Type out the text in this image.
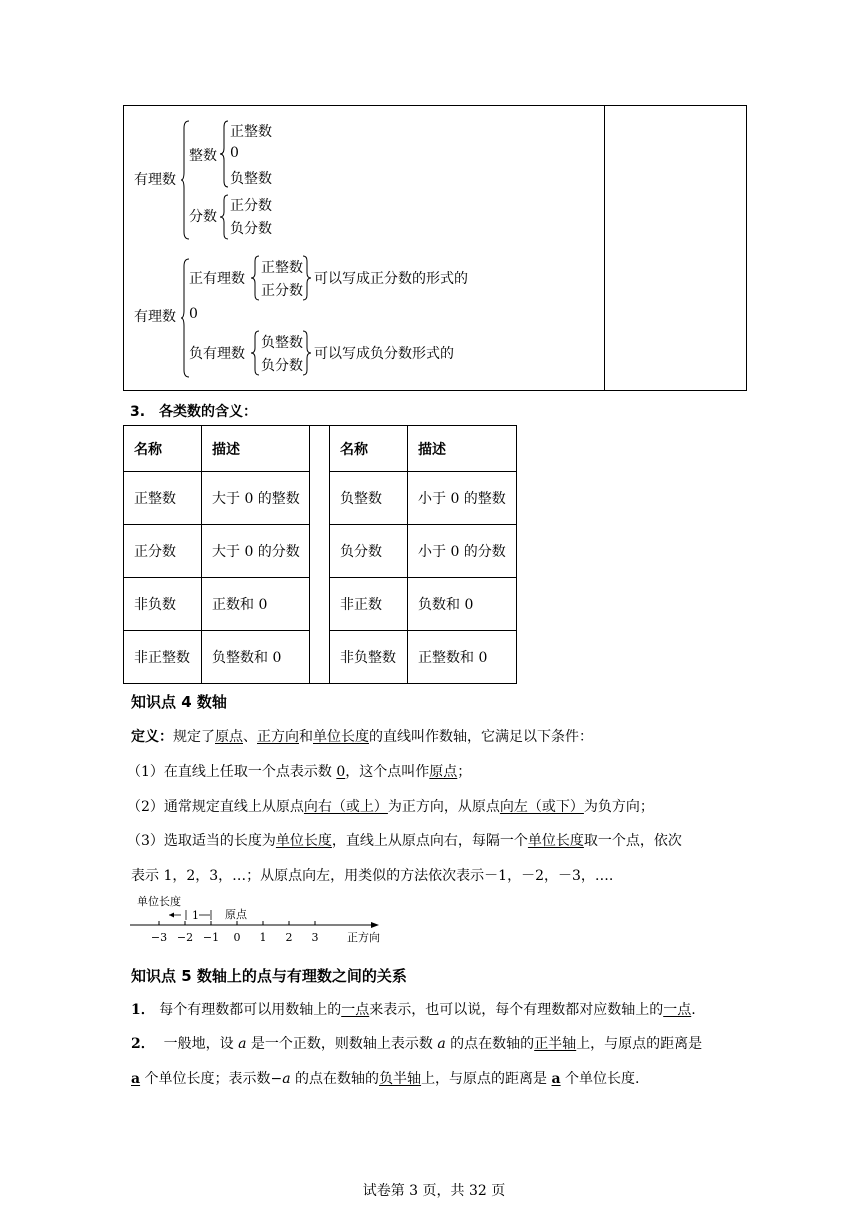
有理数
整数
正整数
0
负整数
分数
正分数
负分数
有理数
正有理数
正整数
正分数
可以写成正分数的形式的
0
负有理数
负整数
负分数
可以写成负分数形式的
3.　各类数的含义：
名称	描述		名称	描述
正整数	大于 0 的整数		负整数	小于 0 的整数
正分数	大于 0 的分数		负分数	小于 0 的分数
非负数	正数和 0		非正数	负数和 0
非正整数	负整数和 0		非负整数	正整数和 0
知识点 4 数轴
定义：规定了原点、正方向和单位长度的直线叫作数轴，它满足以下条件：
（1）在直线上任取一个点表示数 0，这个点叫作原点；
（2）通常规定直线上从原点向右（或上）为正方向，从原点向左（或下）为负方向；
（3）选取适当的长度为单位长度，直线上从原点向右，每隔一个单位长度取一个点，依次
表示 1，2，3，…；从原点向左，用类似的方法依次表示－1，－2，－3，….
单位长度
1 原点
−3 −2 −1 0 1 2 3	正方向
知识点 5 数轴上的点与有理数之间的关系
1． 每个有理数都可以用数轴上的一点来表示，也可以说，每个有理数都对应数轴上的一点.
2． 一般地，设 a 是一个正数，则数轴上表示数 a 的点在数轴的正半轴上，与原点的距离是
a 个单位长度；表示数−a 的点在数轴的负半轴上，与原点的距离是 a 个单位长度.
试卷第 3 页，共 32 页
